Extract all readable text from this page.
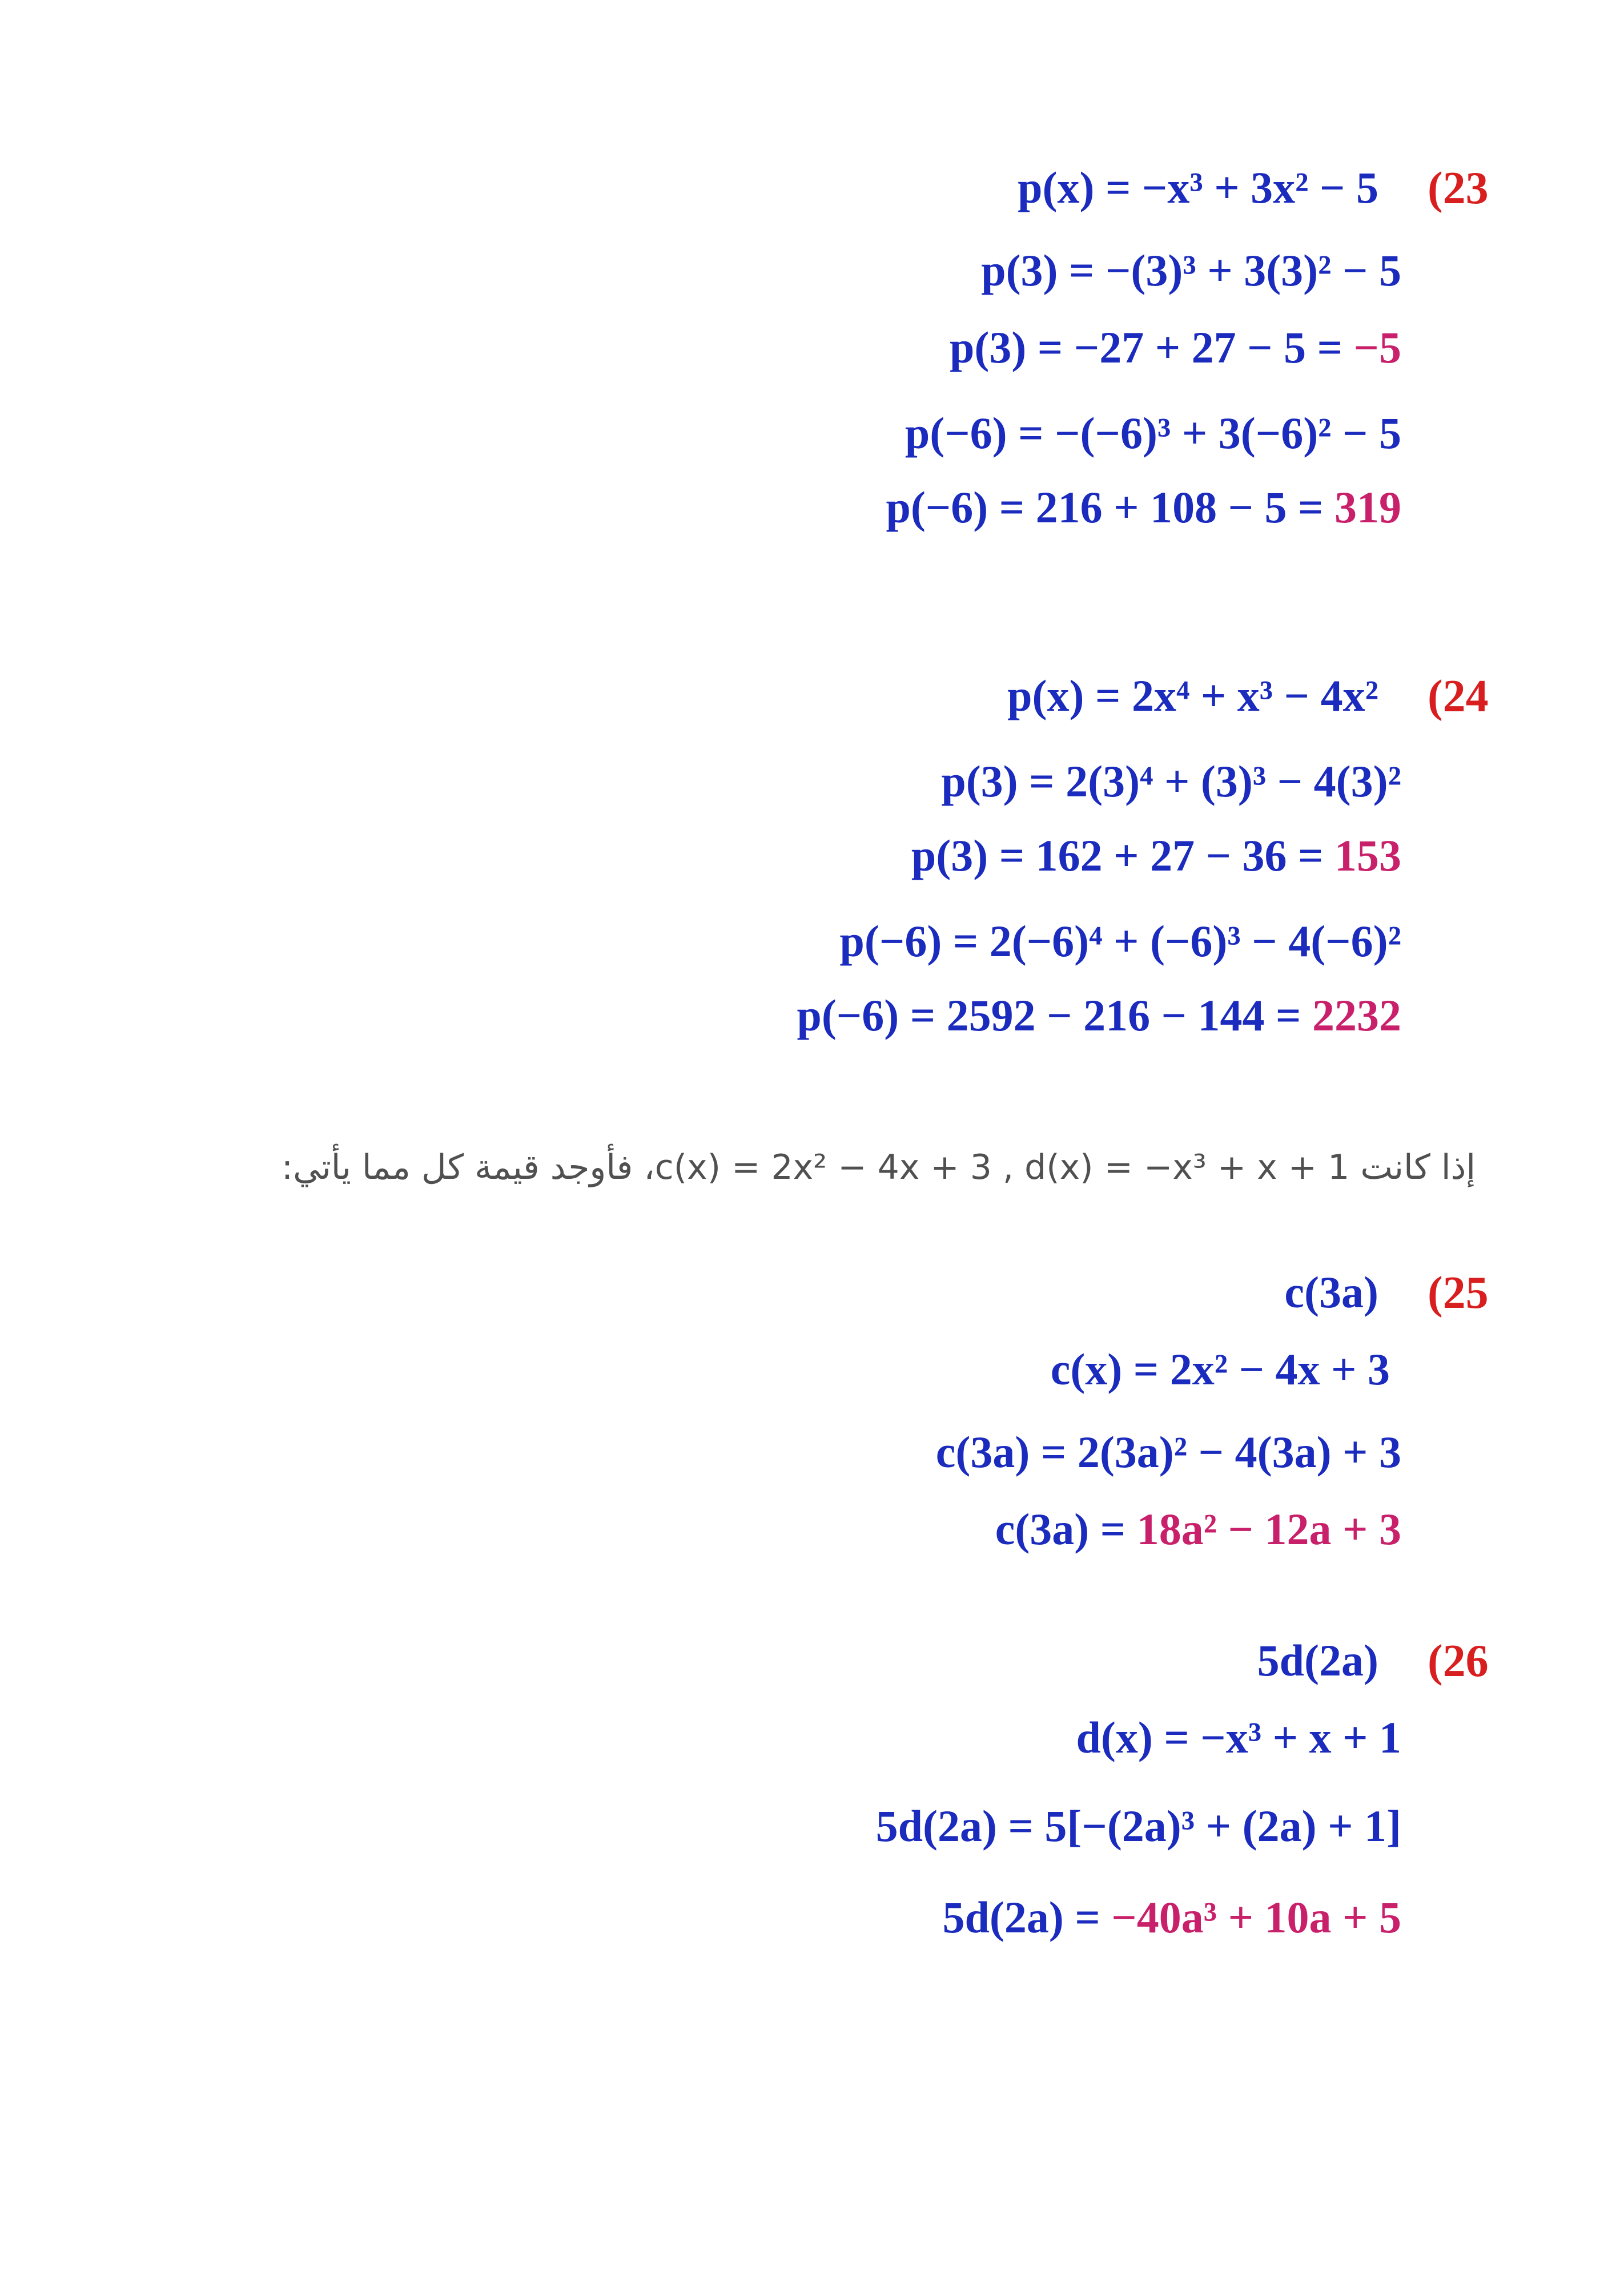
(23
p(x) = −x³ + 3x² − 5
p(3) = −(3)³ + 3(3)² − 5
p(3) = −27 + 27 − 5 = −5
p(−6) = −(−6)³ + 3(−6)² − 5
p(−6) = 216 + 108 − 5 = 319
(24
p(x) = 2x⁴ + x³ − 4x²
p(3) = 2(3)⁴ + (3)³ − 4(3)²
p(3) = 162 + 27 − 36 = 153
p(−6) = 2(−6)⁴ + (−6)³ − 4(−6)²
p(−6) = 2592 − 216 − 144 = 2232
إذا كانت c(x) = 2x² − 4x + 3 , d(x) = −x³ + x + 1، فأوجد قيمة كل مما يأتي:
(25
c(3a)
c(x) = 2x² − 4x + 3
c(3a) = 2(3a)² − 4(3a) + 3
c(3a) = 18a² − 12a + 3
(26
5d(2a)
d(x) = −x³ + x + 1
5d(2a) = 5[−(2a)³ + (2a) + 1]
5d(2a) = −40a³ + 10a + 5
